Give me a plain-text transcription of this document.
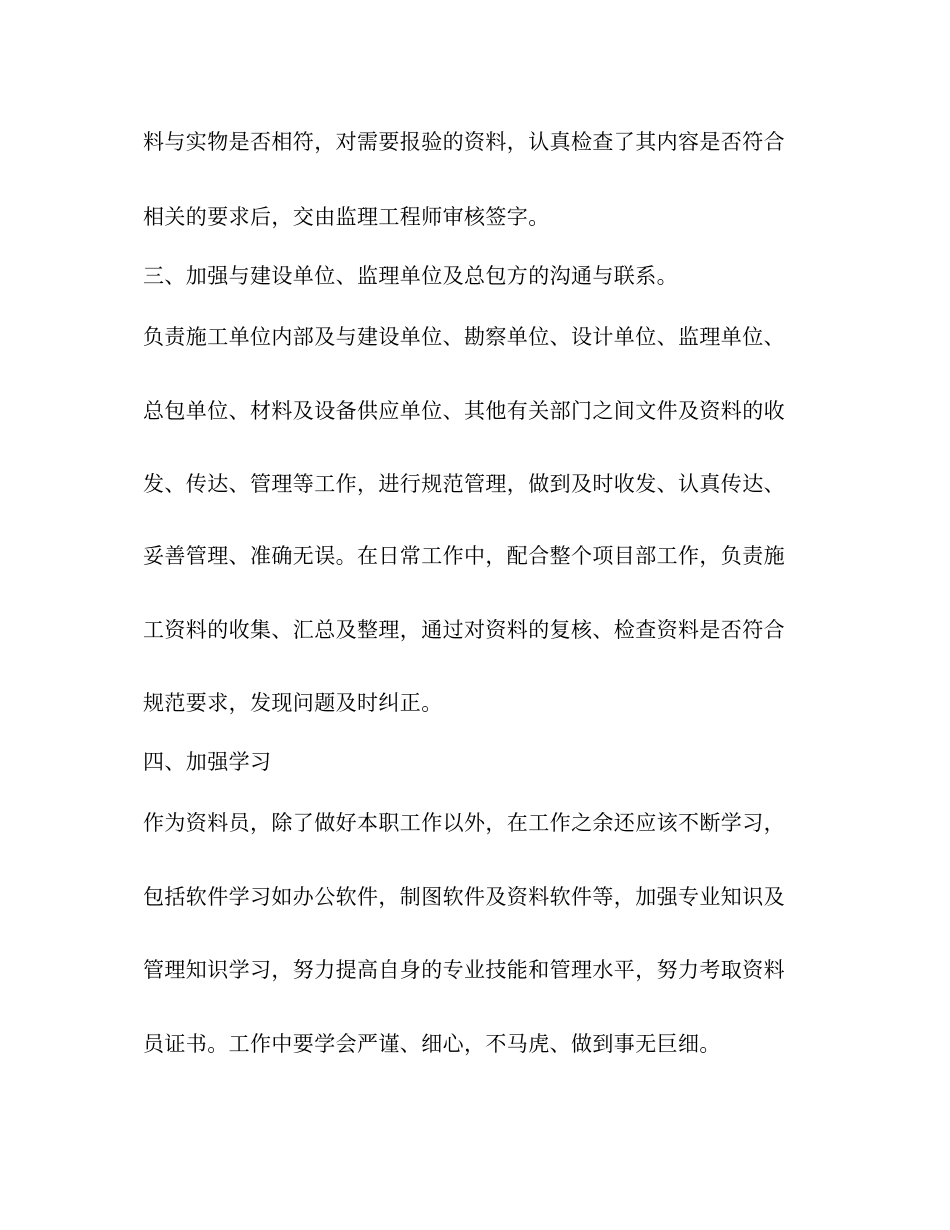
料与实物是否相符，对需要报验的资料，认真检查了其内容是否符合
相关的要求后，交由监理工程师审核签字。
三、加强与建设单位、监理单位及总包方的沟通与联系。
负责施工单位内部及与建设单位、勘察单位、设计单位、监理单位、
总包单位、材料及设备供应单位、其他有关部门之间文件及资料的收
发、传达、管理等工作，进行规范管理，做到及时收发、认真传达、
妥善管理、准确无误。在日常工作中，配合整个项目部工作，负责施
工资料的收集、汇总及整理，通过对资料的复核、检查资料是否符合
规范要求，发现问题及时纠正。
四、加强学习
作为资料员，除了做好本职工作以外，在工作之余还应该不断学习，
包括软件学习如办公软件，制图软件及资料软件等，加强专业知识及
管理知识学习，努力提高自身的专业技能和管理水平，努力考取资料
员证书。工作中要学会严谨、细心，不马虎、做到事无巨细。
